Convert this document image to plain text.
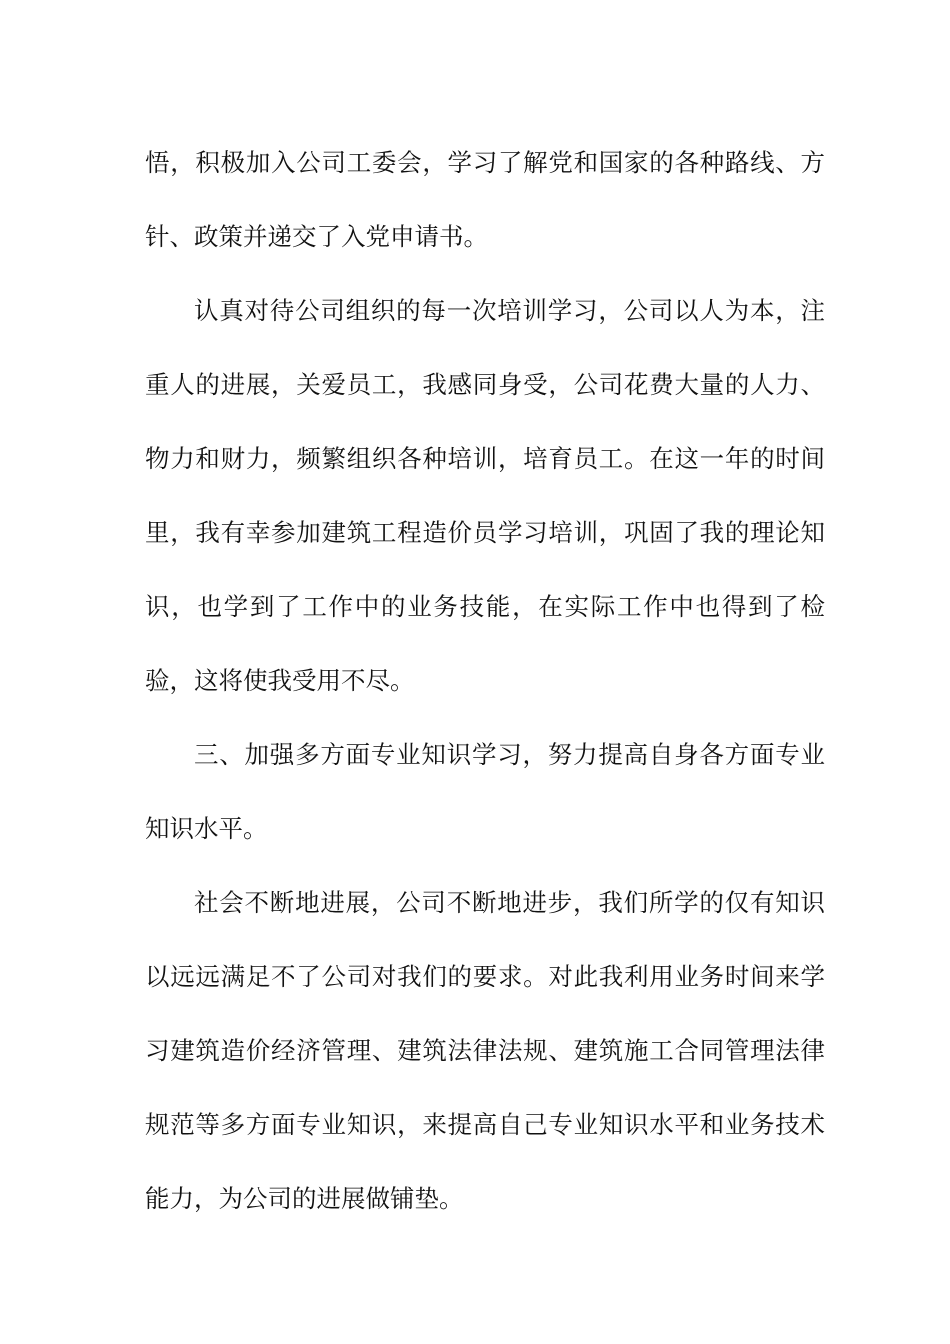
悟，积极加入公司工委会，学习了解党和国家的各种路线、方针、政策并递交了入党申请书。

认真对待公司组织的每一次培训学习，公司以人为本，注重人的进展，关爱员工，我感同身受，公司花费大量的人力、物力和财力，频繁组织各种培训，培育员工。在这一年的时间里，我有幸参加建筑工程造价员学习培训，巩固了我的理论知识，也学到了工作中的业务技能，在实际工作中也得到了检验，这将使我受用不尽。

三、加强多方面专业知识学习，努力提高自身各方面专业知识水平。

社会不断地进展，公司不断地进步，我们所学的仅有知识以远远满足不了公司对我们的要求。对此我利用业务时间来学习建筑造价经济管理、建筑法律法规、建筑施工合同管理法律规范等多方面专业知识，来提高自己专业知识水平和业务技术能力，为公司的进展做铺垫。
